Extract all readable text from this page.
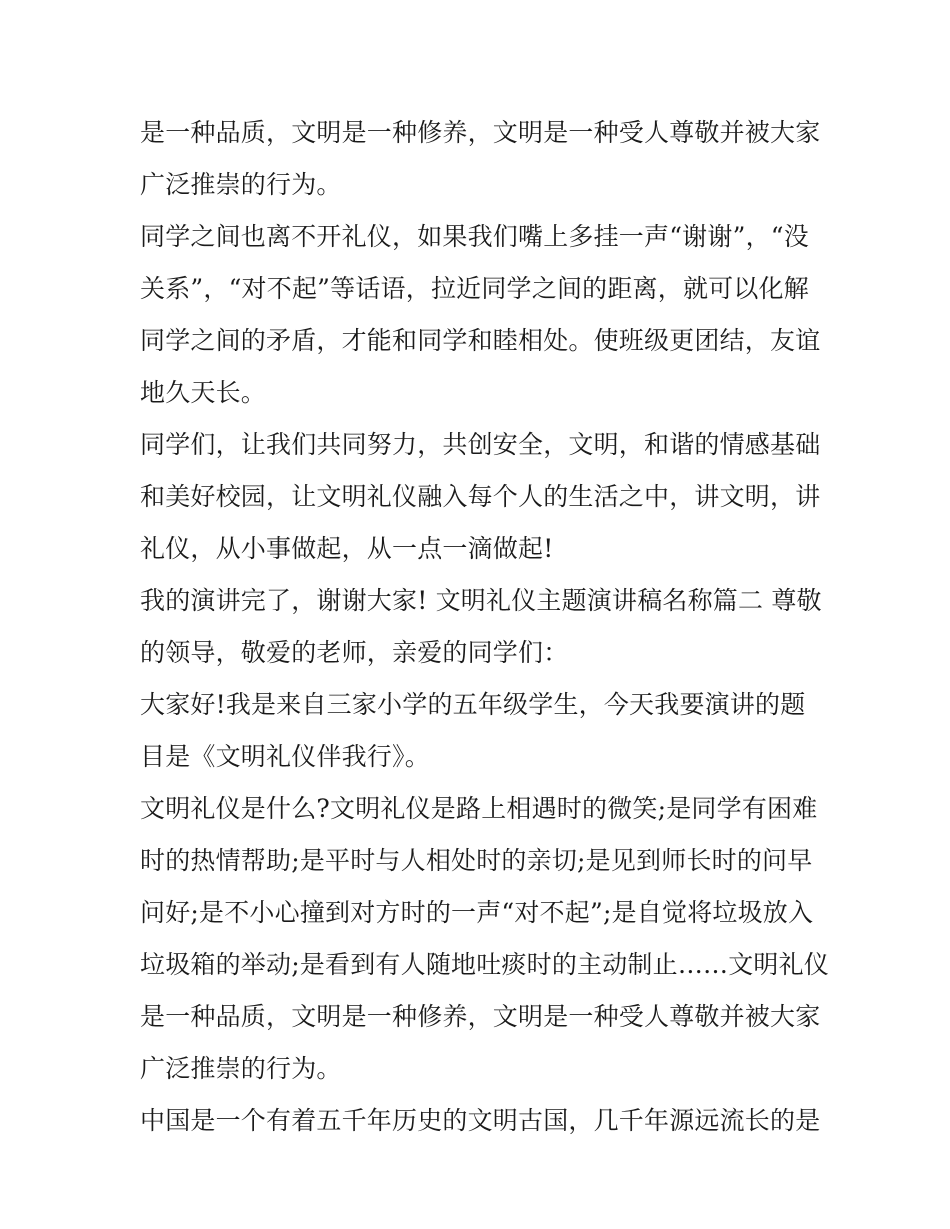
是一种品质，文明是一种修养，文明是一种受人尊敬并被大家
广泛推崇的行为。
同学之间也离不开礼仪，如果我们嘴上多挂一声“谢谢”，“没
关系”，“对不起”等话语，拉近同学之间的距离，就可以化解
同学之间的矛盾，才能和同学和睦相处。使班级更团结，友谊
地久天长。
同学们，让我们共同努力，共创安全，文明，和谐的情感基础
和美好校园，让文明礼仪融入每个人的生活之中，讲文明，讲
礼仪，从小事做起，从一点一滴做起!
我的演讲完了，谢谢大家! 文明礼仪主题演讲稿名称篇二 尊敬
的领导，敬爱的老师，亲爱的同学们：
大家好!我是来自三家小学的五年级学生，今天我要演讲的题
目是《文明礼仪伴我行》。
文明礼仪是什么?文明礼仪是路上相遇时的微笑;是同学有困难
时的热情帮助;是平时与人相处时的亲切;是见到师长时的问早
问好;是不小心撞到对方时的一声“对不起”;是自觉将垃圾放入
垃圾箱的举动;是看到有人随地吐痰时的主动制止……文明礼仪
是一种品质，文明是一种修养，文明是一种受人尊敬并被大家
广泛推崇的行为。
中国是一个有着五千年历史的文明古国，几千年源远流长的是
